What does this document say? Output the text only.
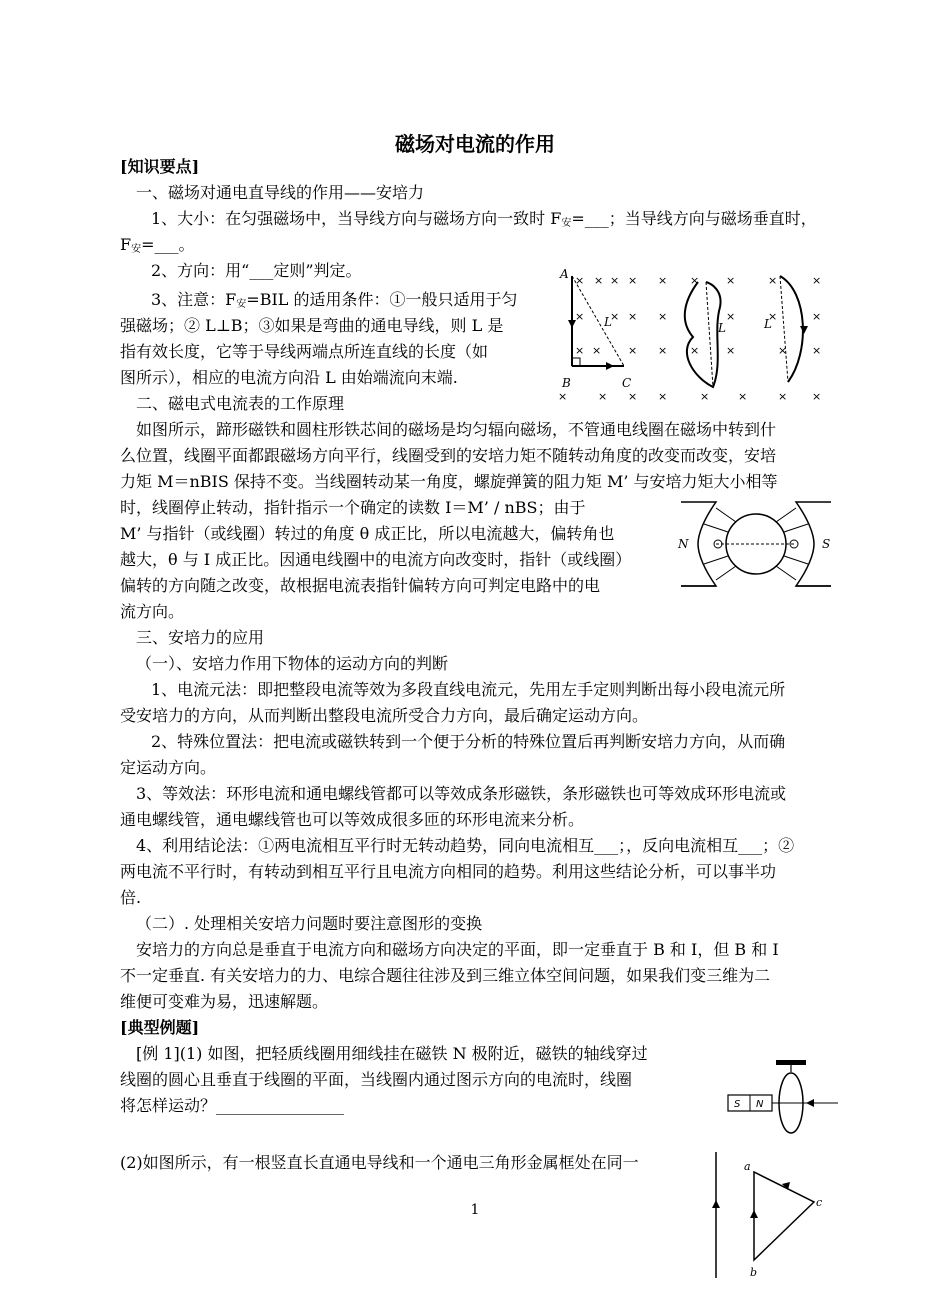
磁场对电流的作用
[知识要点]
一、磁场对通电直导线的作用——安培力
1、大小：在匀强磁场中，当导线方向与磁场方向一致时 $F_安=\_\_\_$；当导线方向与磁场垂直时，
$F_安=\_\_\_$。
2、方向：用“___定则”判定。
3、注意：$F_安=BIL$ 的适用条件：①一般只适用于匀
强磁场；② L⊥B；③如果是弯曲的通电导线，则 L 是
指有效长度，它等于导线两端点所连直线的长度（如
图所示），相应的电流方向沿 L 由始端流向末端.
× × × ×
× × ×
× × ×
×
×
×
×
×
×
×
×
×
×
×
×
×
×
×
×
×
×
×
×	× ×
A
B	C
L	L	L
二、磁电式电流表的工作原理
如图所示，蹄形磁铁和圆柱形铁芯间的磁场是均匀辐向磁场，不管通电线圈在磁场中转到什
么位置，线圈平面都跟磁场方向平行，线圈受到的安培力矩不随转动角度的改变而改变，安培
力矩 M＝nBIS 保持不变。当线圈转动某一角度，螺旋弹簧的阻力矩 M’ 与安培力矩大小相等
时，线圈停止转动，指针指示一个确定的读数 I＝M’ / nBS；由于
M’ 与指针（或线圈）转过的角度 θ 成正比，所以电流越大，偏转角也
越大，θ 与 I 成正比。因通电线圈中的电流方向改变时，指针（或线圈）
偏转的方向随之改变，故根据电流表指针偏转方向可判定电路中的电
流方向。
N	S
三、安培力的应用
（一）、安培力作用下物体的运动方向的判断
1、电流元法：即把整段电流等效为多段直线电流元，先用左手定则判断出每小段电流元所
受安培力的方向，从而判断出整段电流所受合力方向，最后确定运动方向。
2、特殊位置法：把电流或磁铁转到一个便于分析的特殊位置后再判断安培力方向，从而确
定运动方向。
3、等效法：环形电流和通电螺线管都可以等效成条形磁铁，条形磁铁也可等效成环形电流或
通电螺线管，通电螺线管也可以等效成很多匝的环形电流来分析。
4、利用结论法：①两电流相互平行时无转动趋势，同向电流相互___；，反向电流相互___；②
两电流不平行时，有转动到相互平行且电流方向相同的趋势。利用这些结论分析，可以事半功
倍.
（二）. 处理相关安培力问题时要注意图形的变换
安培力的方向总是垂直于电流方向和磁场方向决定的平面，即一定垂直于 B 和 I，但 B 和 I
不一定垂直. 有关安培力的力、电综合题往往涉及到三维立体空间问题，如果我们变三维为二
维便可变难为易，迅速解题。
[典型例题]
[例 1](1) 如图，把轻质线圈用细线挂在磁铁 N 极附近，磁铁的轴线穿过
线圈的圆心且垂直于线圈的平面，当线圈内通过图示方向的电流时，线圈
将怎样运动？________________	S N
(2)如图所示，有一根竖直长直通电导线和一个通电三角形金属框处在同一	a
b
c
1
